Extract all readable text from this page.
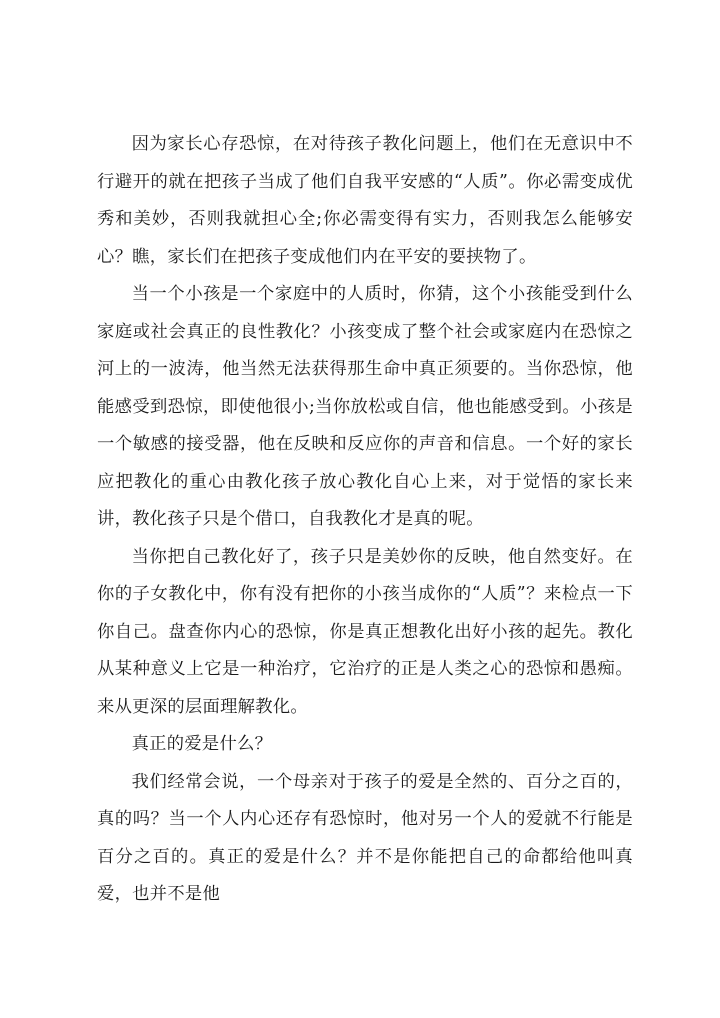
因为家长心存恐惊，在对待孩子教化问题上，他们在无意识中不行避开的就在把孩子当成了他们自我平安感的“人质”。你必需变成优秀和美妙，否则我就担心全;你必需变得有实力，否则我怎么能够安心？瞧，家长们在把孩子变成他们内在平安的要挟物了。

当一个小孩是一个家庭中的人质时，你猜，这个小孩能受到什么家庭或社会真正的良性教化？小孩变成了整个社会或家庭内在恐惊之河上的一波涛，他当然无法获得那生命中真正须要的。当你恐惊，他能感受到恐惊，即使他很小;当你放松或自信，他也能感受到。小孩是一个敏感的接受器，他在反映和反应你的声音和信息。一个好的家长应把教化的重心由教化孩子放心教化自心上来，对于觉悟的家长来讲，教化孩子只是个借口，自我教化才是真的呢。

当你把自己教化好了，孩子只是美妙你的反映，他自然变好。在你的子女教化中，你有没有把你的小孩当成你的“人质”？来检点一下你自己。盘查你内心的恐惊，你是真正想教化出好小孩的起先。教化从某种意义上它是一种治疗，它治疗的正是人类之心的恐惊和愚痴。来从更深的层面理解教化。

真正的爱是什么？

我们经常会说，一个母亲对于孩子的爱是全然的、百分之百的，真的吗？当一个人内心还存有恐惊时，他对另一个人的爱就不行能是百分之百的。真正的爱是什么？并不是你能把自己的命都给他叫真爱，也并不是他
